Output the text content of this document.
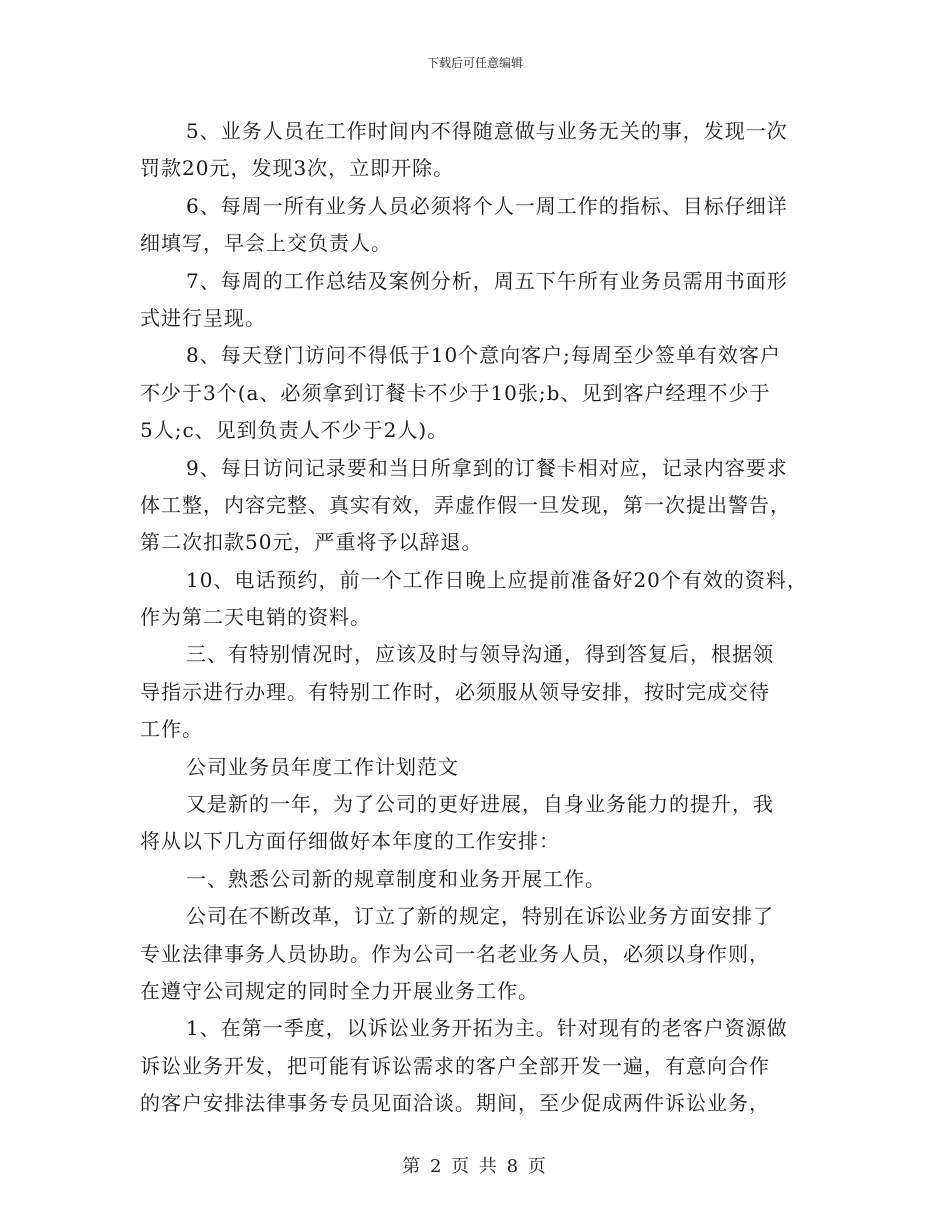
下载后可任意编辑
5、业务人员在工作时间内不得随意做与业务无关的事，发现一次
罚款20元，发现3次，立即开除。
6、每周一所有业务人员必须将个人一周工作的指标、目标仔细详
细填写，早会上交负责人。
7、每周的工作总结及案例分析，周五下午所有业务员需用书面形
式进行呈现。
8、每天登门访问不得低于10个意向客户;每周至少签单有效客户
不少于3个(a、必须拿到订餐卡不少于10张;b、见到客户经理不少于
5人;c、见到负责人不少于2人)。
9、每日访问记录要和当日所拿到的订餐卡相对应，记录内容要求
体工整，内容完整、真实有效，弄虚作假一旦发现，第一次提出警告，
第二次扣款50元，严重将予以辞退。
10、电话预约，前一个工作日晚上应提前准备好20个有效的资料，
作为第二天电销的资料。
三、有特别情况时，应该及时与领导沟通，得到答复后，根据领
导指示进行办理。有特别工作时，必须服从领导安排，按时完成交待
工作。
公司业务员年度工作计划范文
又是新的一年，为了公司的更好进展，自身业务能力的提升，我
将从以下几方面仔细做好本年度的工作安排：
一、熟悉公司新的规章制度和业务开展工作。
公司在不断改革，订立了新的规定，特别在诉讼业务方面安排了
专业法律事务人员协助。作为公司一名老业务人员，必须以身作则，
在遵守公司规定的同时全力开展业务工作。
1、在第一季度，以诉讼业务开拓为主。针对现有的老客户资源做
诉讼业务开发，把可能有诉讼需求的客户全部开发一遍，有意向合作
的客户安排法律事务专员见面洽谈。期间，至少促成两件诉讼业务，
第 2 页 共 8 页
